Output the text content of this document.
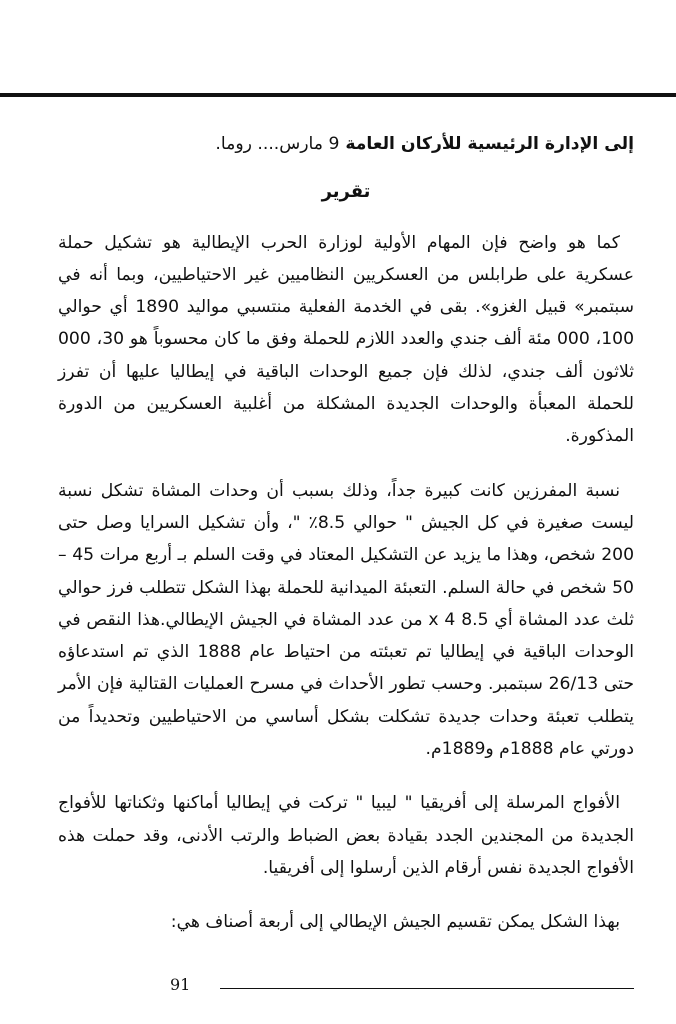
إلى الإدارة الرئيسية للأركان العامة 9 مارس.... روما.

تقرير

كما هو واضح فإن المهام الأولية لوزارة الحرب الإيطالية هو تشكيل حملة عسكرية على طرابلس من العسكريين النظاميين غير الاحتياطيين، وبما أنه في سبتمبر» قبيل الغزو». بقى في الخدمة الفعلية منتسبي مواليد 1890 أي حوالي 100، 000 مئة ألف جندي والعدد اللازم للحملة وفق ما كان محسوباً هو 30، 000 ثلاثون ألف جندي، لذلك فإن جميع الوحدات الباقية في إيطاليا عليها أن تفرز للحملة المعبأة والوحدات الجديدة المشكلة من أغلبية العسكريين من الدورة المذكورة.

نسبة المفرزين كانت كبيرة جداً، وذلك بسبب أن وحدات المشاة تشكل نسبة ليست صغيرة في كل الجيش " حوالي 8.5٪ "، وأن تشكيل السرايا وصل حتى 200 شخص، وهذا ما يزيد عن التشكيل المعتاد في وقت السلم بـ أربع مرات 45 – 50 شخص في حالة السلم. التعبئة الميدانية للحملة بهذا الشكل تتطلب فرز حوالي ثلث عدد المشاة أي 8.5 x 4 من عدد المشاة في الجيش الإيطالي.هذا النقص في الوحدات الباقية في إيطاليا تم تعبئته من احتياط عام 1888 الذي تم استدعاؤه حتى 26/13 سبتمبر. وحسب تطور الأحداث في مسرح العمليات القتالية فإن الأمر يتطلب تعبئة وحدات جديدة تشكلت بشكل أساسي من الاحتياطيين وتحديداً من دورتي عام 1888م و1889م.

الأفواج المرسلة إلى أفريقيا " ليبيا " تركت في إيطاليا أماكنها وثكناتها للأفواج الجديدة من المجندين الجدد بقيادة بعض الضباط والرتب الأدنى، وقد حملت هذه الأفواج الجديدة نفس أرقام الذين أرسلوا إلى أفريقيا.

بهذا الشكل يمكن تقسيم الجيش الإيطالي إلى أربعة أصناف هي:

91
